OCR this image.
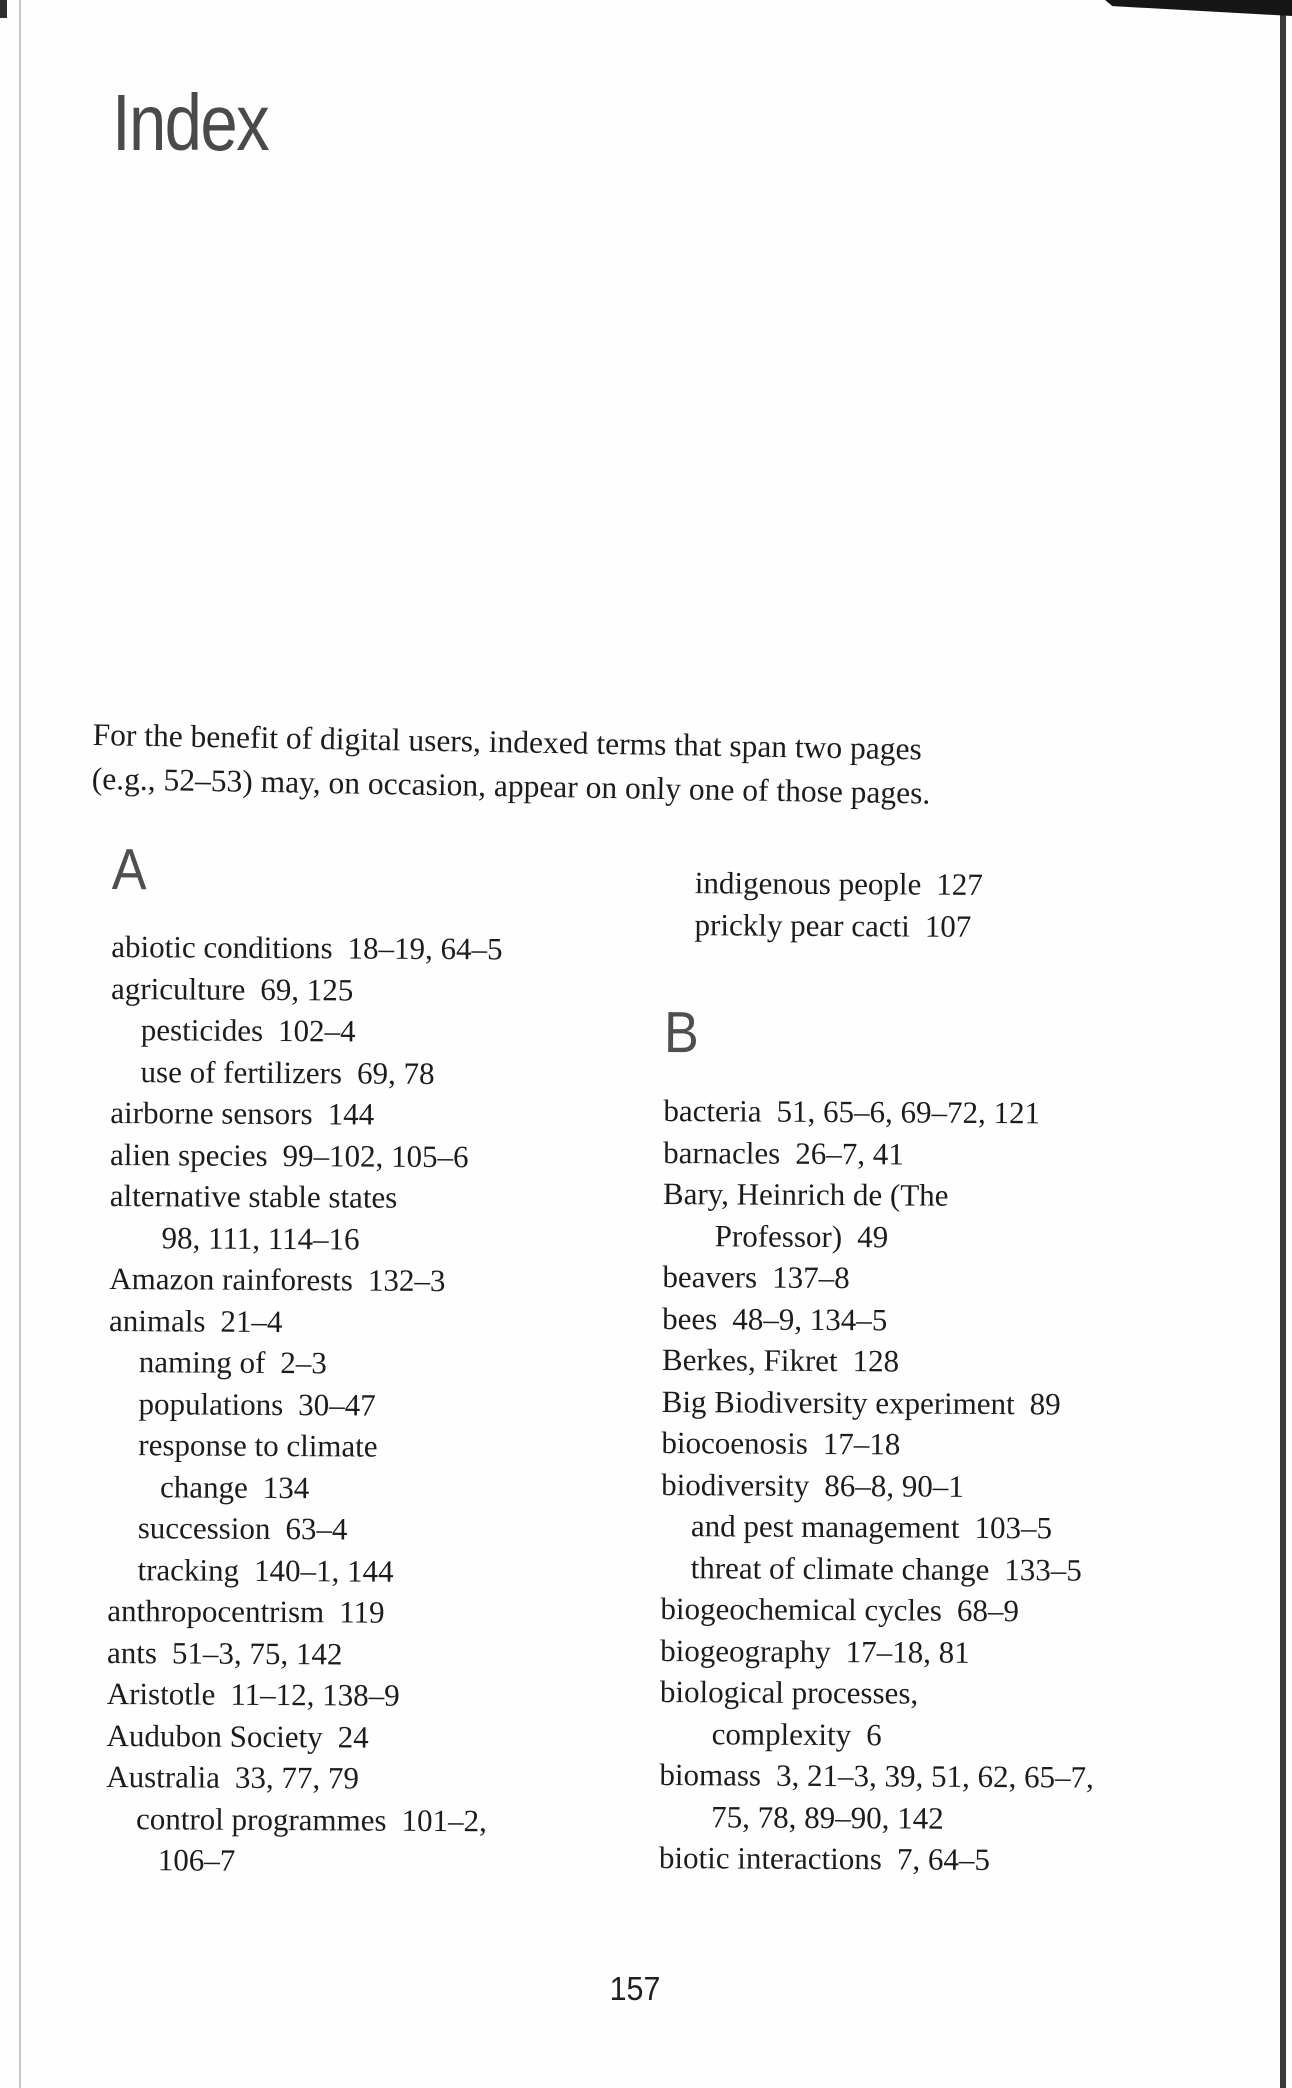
Index
For the benefit of digital users, indexed terms that span two pages
(e.g., 52–53) may, on occasion, appear on only one of those pages.
A
abiotic conditions 18–19, 64–5
agriculture 69, 125
pesticides 102–4
use of fertilizers 69, 78
airborne sensors 144
alien species 99–102, 105–6
alternative stable states
98, 111, 114–16
Amazon rainforests 132–3
animals 21–4
naming of 2–3
populations 30–47
response to climate
change 134
succession 63–4
tracking 140–1, 144
anthropocentrism 119
ants 51–3, 75, 142
Aristotle 11–12, 138–9
Audubon Society 24
Australia 33, 77, 79
control programmes 101–2,
106–7
indigenous people 127
prickly pear cacti 107
B
bacteria 51, 65–6, 69–72, 121
barnacles 26–7, 41
Bary, Heinrich de (The
Professor) 49
beavers 137–8
bees 48–9, 134–5
Berkes, Fikret 128
Big Biodiversity experiment 89
biocoenosis 17–18
biodiversity 86–8, 90–1
and pest management 103–5
threat of climate change 133–5
biogeochemical cycles 68–9
biogeography 17–18, 81
biological processes,
complexity 6
biomass 3, 21–3, 39, 51, 62, 65–7,
75, 78, 89–90, 142
biotic interactions 7, 64–5
157
